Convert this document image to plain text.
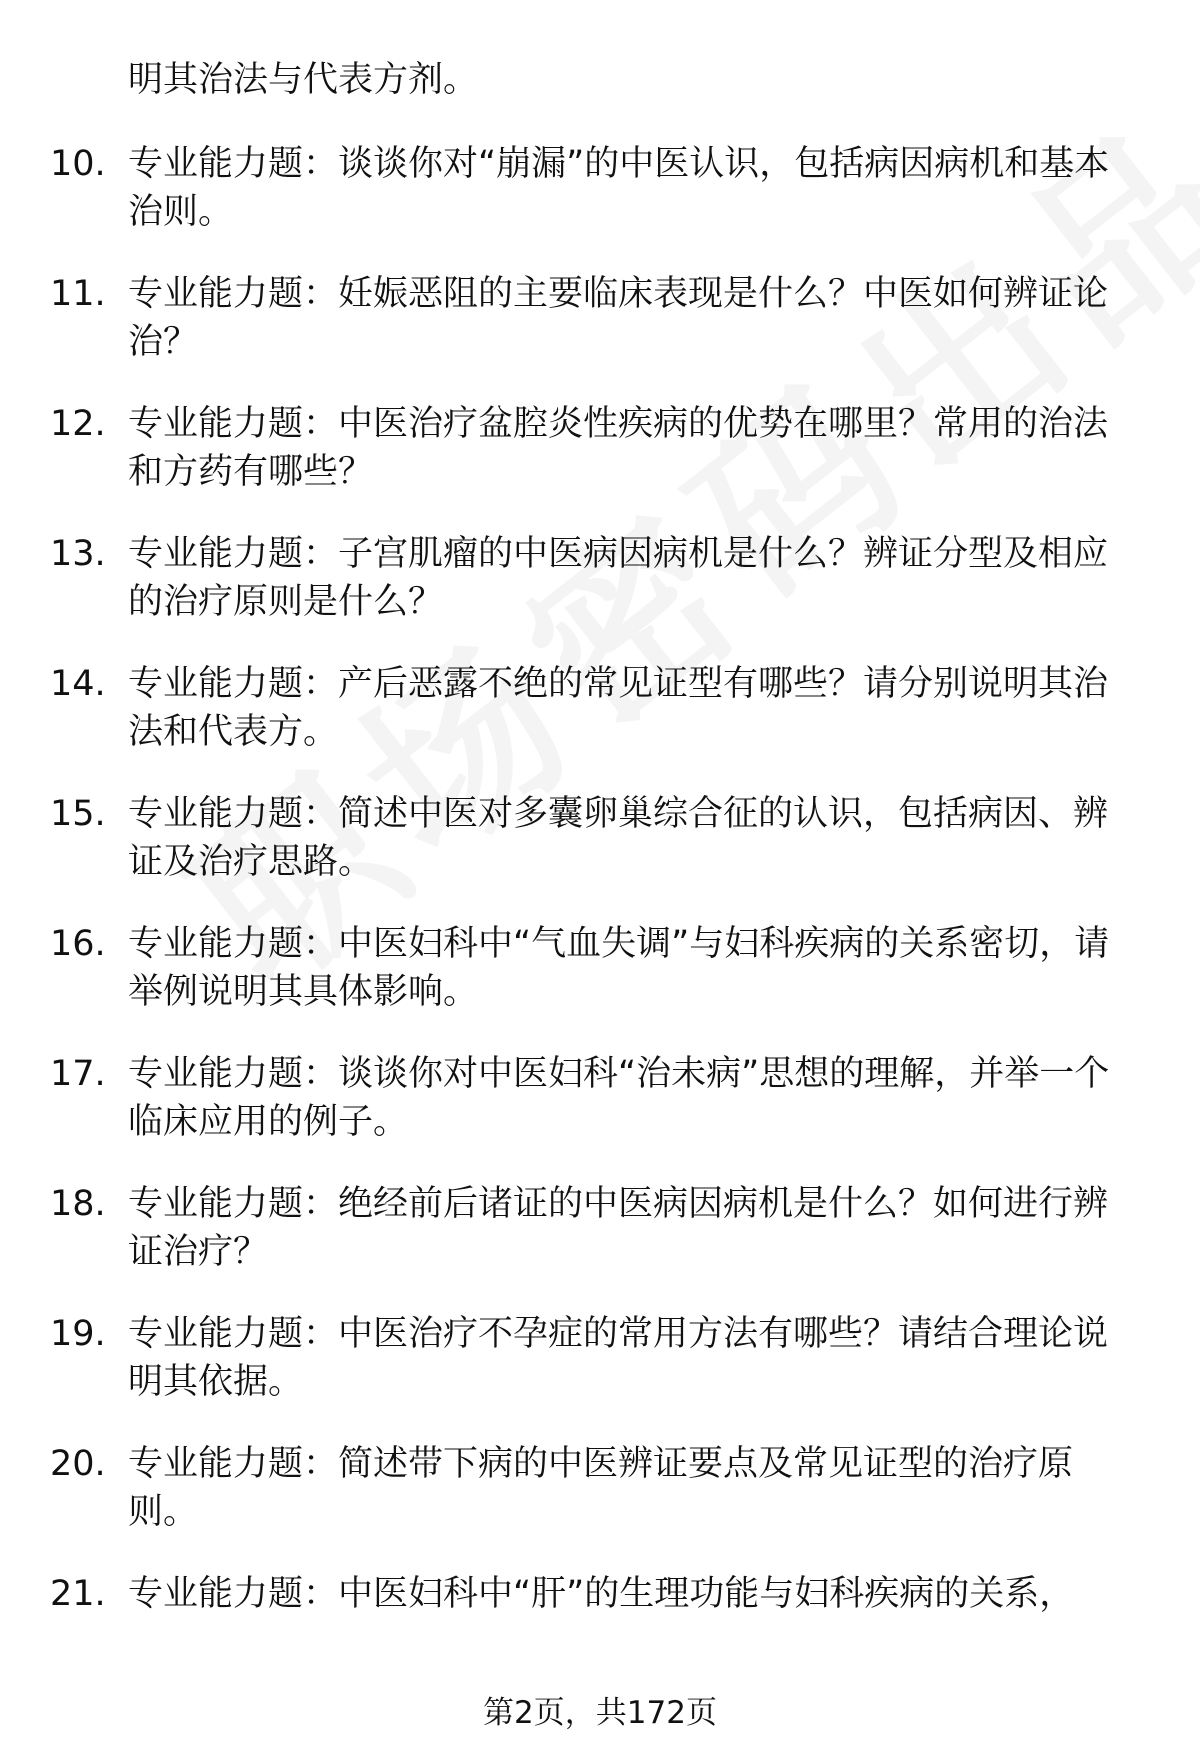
明其治法与代表方剂。
10. 专业能力题：谈谈你对“崩漏”的中医认识，包括病因病机和基本治则。
11. 专业能力题：妊娠恶阻的主要临床表现是什么？中医如何辨证论治？
12. 专业能力题：中医治疗盆腔炎性疾病的优势在哪里？常用的治法和方药有哪些？
13. 专业能力题：子宫肌瘤的中医病因病机是什么？辨证分型及相应的治疗原则是什么？
14. 专业能力题：产后恶露不绝的常见证型有哪些？请分别说明其治法和代表方。
15. 专业能力题：简述中医对多囊卵巢综合征的认识，包括病因、辨证及治疗思路。
16. 专业能力题：中医妇科中“气血失调”与妇科疾病的关系密切，请举例说明其具体影响。
17. 专业能力题：谈谈你对中医妇科“治未病”思想的理解，并举一个临床应用的例子。
18. 专业能力题：绝经前后诸证的中医病因病机是什么？如何进行辨证治疗？
19. 专业能力题：中医治疗不孕症的常用方法有哪些？请结合理论说明其依据。
20. 专业能力题：简述带下病的中医辨证要点及常见证型的治疗原则。
21. 专业能力题：中医妇科中“肝”的生理功能与妇科疾病的关系，
第2页，共172页
